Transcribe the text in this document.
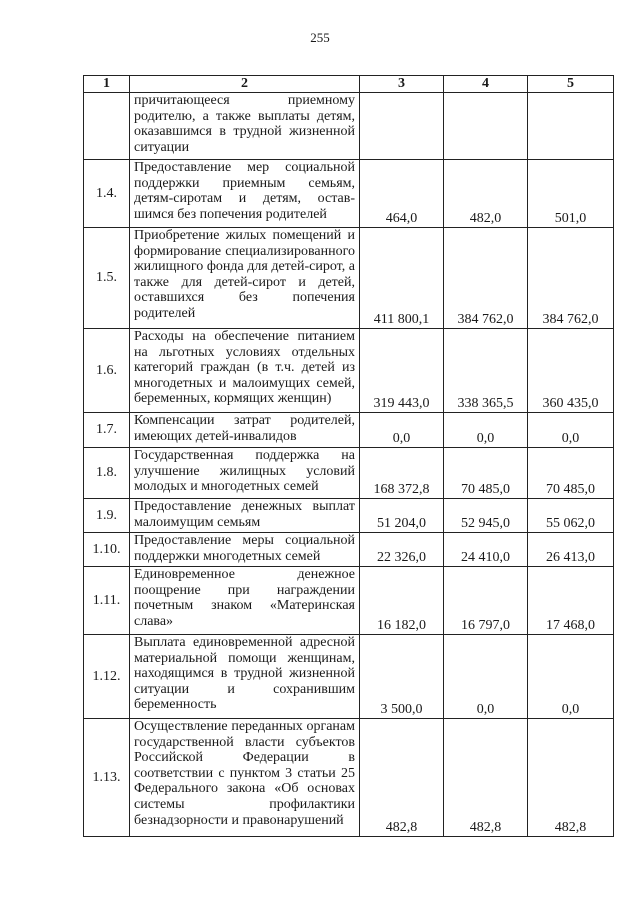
255
1	2	3	4	5
	причитающееся приемному родителю, а также выплаты детям, оказавшимся в трудной жизненной ситуации			
1.4.	Предоставление мер социальной поддержки приемным семьям, детям-сиротам и детям, остав-шимся без попечения родителей	464,0	482,0	501,0
1.5.	Приобретение жилых помещений и формирование специализированного жилищного фонда для детей-сирот, а также для детей-сирот и детей, оставшихся без попечения родителей	411 800,1	384 762,0	384 762,0
1.6.	Расходы на обеспечение питанием на льготных условиях отдельных категорий граждан (в т.ч. детей из многодетных и малоимущих семей, беременных, кормящих женщин)	319 443,0	338 365,5	360 435,0
1.7.	Компенсации затрат родителей, имеющих детей-инвалидов	0,0	0,0	0,0
1.8.	Государственная поддержка на улучшение жилищных условий молодых и многодетных семей	168 372,8	70 485,0	70 485,0
1.9.	Предоставление денежных выплат малоимущим семьям	51 204,0	52 945,0	55 062,0
1.10.	Предоставление меры социальной поддержки многодетных семей	22 326,0	24 410,0	26 413,0
1.11.	Единовременное денежное поощрение при награждении почетным знаком «Материнская слава»	16 182,0	16 797,0	17 468,0
1.12.	Выплата единовременной адресной материальной помощи женщинам, находящимся в трудной жизненной ситуации и сохранившим беременность	3 500,0	0,0	0,0
1.13.	Осуществление переданных органам государственной власти субъектов Российской Федерации в соответствии с пунктом 3 статьи 25 Федерального закона «Об основах системы профилактики безнадзорности и правонарушений	482,8	482,8	482,8
